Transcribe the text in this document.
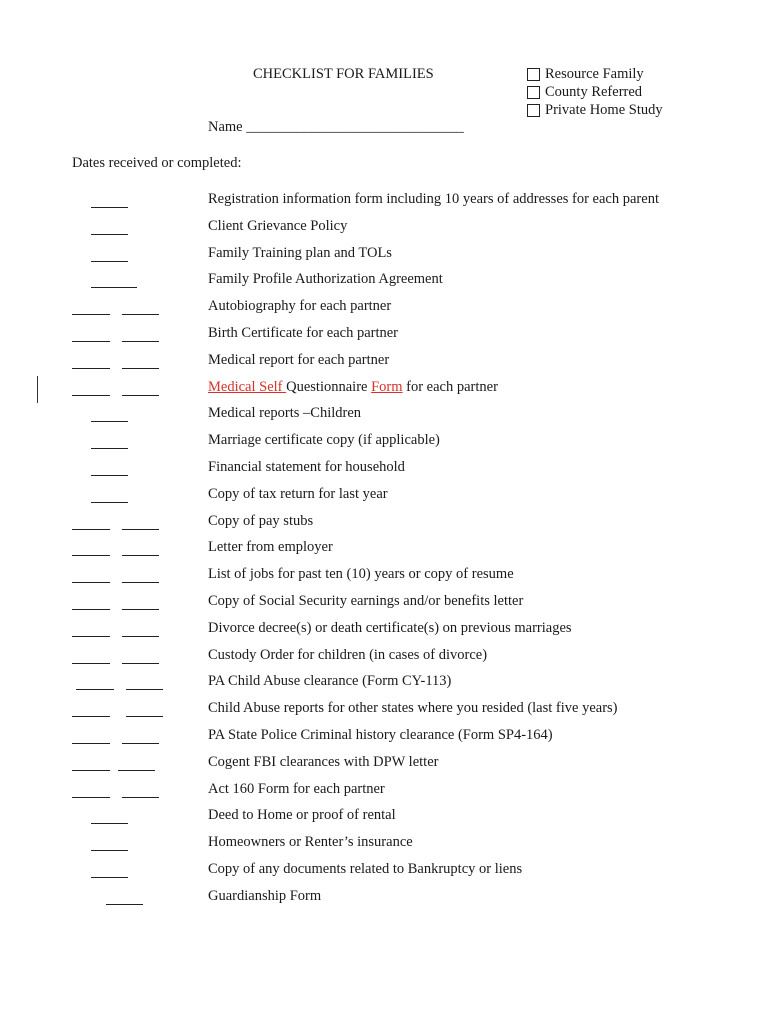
CHECKLIST FOR FAMILIES	Resource Family
County Referred
Private Home Study
Name ______________________________
Dates received or completed:
Registration information form including 10 years of addresses for each parent
Client Grievance Policy
Family Training plan and TOLs
Family Profile Authorization Agreement
Autobiography for each partner
Birth Certificate for each partner
Medical report for each partner
Medical Self Questionnaire Form for each partner
Medical reports –Children
Marriage certificate copy (if applicable)
Financial statement for household
Copy of tax return for last year
Copy of pay stubs
Letter from employer
List of jobs for past ten (10) years or copy of resume
Copy of Social Security earnings and/or benefits letter
Divorce decree(s) or death certificate(s) on previous marriages
Custody Order for children (in cases of divorce)
PA Child Abuse clearance (Form CY-113)
Child Abuse reports for other states where you resided (last five years)
PA State Police Criminal history clearance (Form SP4-164)
Cogent FBI clearances with DPW letter
Act 160 Form for each partner
Deed to Home or proof of rental
Homeowners or Renter’s insurance
Copy of any documents related to Bankruptcy or liens
Guardianship Form
